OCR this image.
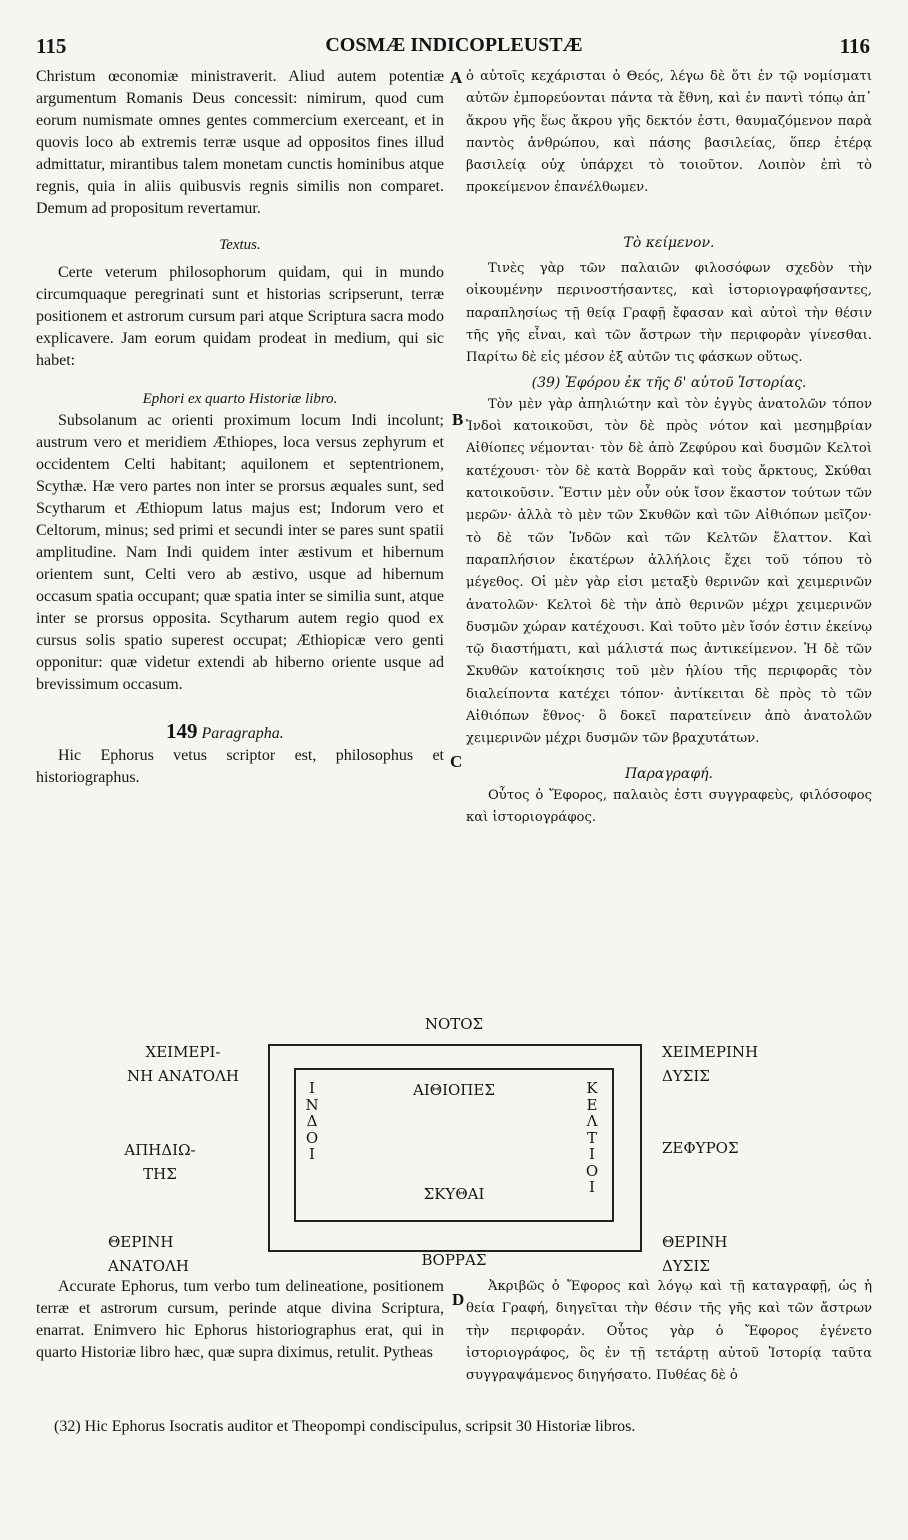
115	COSMÆ INDICOPLEUSTÆ	116
A
B
C
D
Christum œconomiæ ministraverit. Aliud autem potentiæ argumentum Romanis Deus concessit: nimirum, quod cum eorum numismate omnes gentes commercium exerceant, et in quovis loco ab extremis terræ usque ad oppositos fines illud admittatur, mirantibus talem monetam cunctis hominibus atque regnis, quia in aliis quibusvis regnis similis non comparet. Demum ad propositum revertamur.
Textus.
Certe veterum philosophorum quidam, qui in mundo circumquaque peregrinati sunt et historias scripserunt, terræ positionem et astrorum cursum pari atque Scriptura sacra modo explicavere. Jam eorum quidam prodeat in medium, qui sic habet:
Ephori ex quarto Historiæ libro.
Subsolanum ac orienti proximum locum Indi incolunt; austrum vero et meridiem Æthiopes, loca versus zephyrum et occidentem Celti habitant; aquilonem et septentrionem, Scythæ. Hæ vero partes non inter se prorsus æquales sunt, sed Scytharum et Æthiopum latus majus est; Indorum vero et Celtorum, minus; sed primi et secundi inter se pares sunt spatii amplitudine. Nam Indi quidem inter æstivum et hibernum orientem sunt, Celti vero ab æstivo, usque ad hibernum occasum spatia occupant; quæ spatia inter se similia sunt, atque inter se prorsus opposita. Scytharum autem regio quod ex cursus solis spatio superest occupat; Æthiopicæ vero genti opponitur: quæ videtur extendi ab hiberno oriente usque ad brevissimum occasum.
149 Paragrapha.
Hic Ephorus vetus scriptor est, philosophus et historiographus.
ὁ αὐτοῖς κεχάρισται ὁ Θεός, λέγω δὲ ὅτι ἐν τῷ νομίσματι αὐτῶν ἐμπορεύονται πάντα τὰ ἔθνη, καὶ ἐν παντὶ τόπῳ ἀπ᾿ ἄκρου γῆς ἕως ἄκρου γῆς δεκτόν ἐστι, θαυμαζόμενον παρὰ παντὸς ἀνθρώπου, καὶ πάσης βασιλείας, ὅπερ ἑτέρᾳ βασιλείᾳ οὐχ ὑπάρχει τὸ τοιοῦτον. Λοιπὸν ἐπὶ τὸ προκείμενον ἐπανέλθωμεν.
Τὸ κείμενον.
Τινὲς γὰρ τῶν παλαιῶν φιλοσόφων σχεδὸν τὴν οἰκουμένην περινοστήσαντες, καὶ ἱστοριογραφήσαντες, παραπλησίως τῇ θείᾳ Γραφῇ ἔφασαν καὶ αὐτοὶ τὴν θέσιν τῆς γῆς εἶναι, καὶ τῶν ἄστρων τὴν περιφορὰν γίνεσθαι. Παρίτω δὲ εἰς μέσον ἐξ αὐτῶν τις φάσκων οὕτως.
(39) Ἐφόρου ἐκ τῆς δ' αὐτοῦ Ἱστορίας.
Τὸν μὲν γὰρ ἀπηλιώτην καὶ τὸν ἐγγὺς ἀνατολῶν τόπον Ἰνδοὶ κατοικοῦσι, τὸν δὲ πρὸς νότον καὶ μεσημβρίαν Αἰθίοπες νέμονται· τὸν δὲ ἀπὸ Ζεφύρου καὶ δυσμῶν Κελτοὶ κατέχουσι· τὸν δὲ κατὰ Βορρᾶν καὶ τοὺς ἄρκτους, Σκύθαι κατοικοῦσιν. Ἔστιν μὲν οὖν οὐκ ἴσον ἕκαστον τούτων τῶν μερῶν· ἀλλὰ τὸ μὲν τῶν Σκυθῶν καὶ τῶν Αἰθιόπων μεῖζον· τὸ δὲ τῶν Ἰνδῶν καὶ τῶν Κελτῶν ἔλαττον. Καὶ παραπλήσιον ἑκατέρων ἀλλήλοις ἔχει τοῦ τόπου τὸ μέγεθος. Οἱ μὲν γὰρ εἰσι μεταξὺ θερινῶν καὶ χειμερινῶν ἀνατολῶν· Κελτοὶ δὲ τὴν ἀπὸ θερινῶν μέχρι χειμερινῶν δυσμῶν χώραν κατέχουσι. Καὶ τοῦτο μὲν ἴσόν ἐστιν ἐκείνῳ τῷ διαστήματι, καὶ μάλιστά πως ἀντικείμενον. Ἡ δὲ τῶν Σκυθῶν κατοίκησις τοῦ μὲν ἡλίου τῆς περιφορᾶς τὸν διαλείποντα κατέχει τόπον· ἀντίκειται δὲ πρὸς τὸ τῶν Αἰθιόπων ἔθνος· ὃ δοκεῖ παρατείνειν ἀπὸ ἀνατολῶν χειμερινῶν μέχρι δυσμῶν τῶν βραχυτάτων.
Παραγραφή.
Οὗτος ὁ Ἔφορος, παλαιὸς ἐστι συγγραφεὺς, φιλόσοφος καὶ ἱστοριογράφος.
ΝΟΤΟΣ
ΧΕΙΜΕΡΙ-
ΝΗ ΑΝΑΤΟΛΗ
ΑΠΗΔΙΩ-
ΤΗΣ
ΘΕΡΙΝΗ
ΑΝΑΤΟΛΗ
ΧΕΙΜΕΡΙΝΗ
ΔΥΣΙΣ
ΖΕΦΥΡΟΣ
ΘΕΡΙΝΗ
ΔΥΣΙΣ
ΑΙΘΙΟΠΕΣ
ΣΚΥΘΑΙ
Ι
Ν
Δ
Ο
Ι
Κ
Ε
Λ
Τ
Ι
Ο
Ι
ΒΟΡΡΑΣ
Accurate Ephorus, tum verbo tum delineatione, positionem terræ et astrorum cursum, perinde atque divina Scriptura, enarrat. Enimvero hic Ephorus historiographus erat, qui in quarto Historiæ libro hæc, quæ supra diximus, retulit. Pytheas
Ἀκριβῶς ὁ Ἔφορος καὶ λόγῳ καὶ τῇ καταγραφῇ, ὡς ἡ θεία Γραφή, διηγεῖται τὴν θέσιν τῆς γῆς καὶ τῶν ἄστρων τὴν περιφοράν. Οὗτος γὰρ ὁ Ἔφορος ἐγένετο ἱστοριογράφος, ὃς ἐν τῇ τετάρτῃ αὐτοῦ Ἱστορίᾳ ταῦτα συγγραψάμενος διηγήσατο. Πυθέας δὲ ὁ
(32) Hic Ephorus Isocratis auditor et Theopompi condiscipulus, scripsit 30 Historiæ libros.
